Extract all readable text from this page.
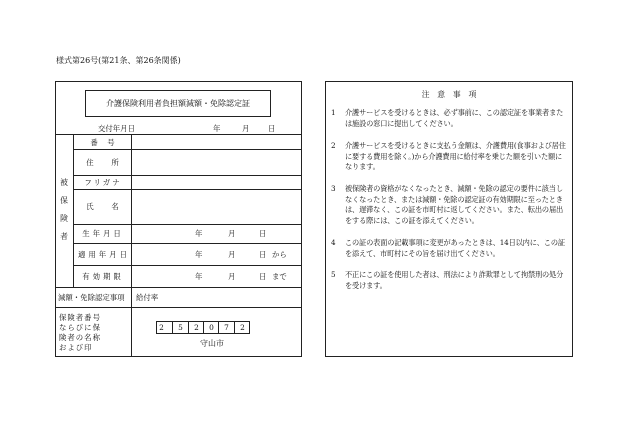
様式第26号(第21条、第26条関係)
介護保険利用者負担額減額・免除認定証
交付年月日	年	月	日
被
保
険
者
番　号
住　　所
フリガナ
氏　　名
生年月日	年	月	日
適用年月日	年	月	日 から
有効期限	年	月	日 まで
減額・免除認定事項 給付率
保険者番号
ならびに保
険者の名称
および印
2 5 2 0 7 2
守山市
注　意　事　項
1 介護サービスを受けるときは、必ず事前に、この認定証を事業者または施設の窓口に提出してください。
2 介護サービスを受けるときに支払う金額は、介護費用(食事および居住に要する費用を除く。)から介護費用に給付率を乗じた額を引いた額になります。
3 被保険者の資格がなくなったとき、減額・免除の認定の要件に該当しなくなったとき、または減額・免除の認定証の有効期限に至ったときは、遅滞なく、この証を市町村に返してください。また、転出の届出をする際には、この証を添えてください。
4 この証の表面の記載事項に変更があったときは、14日以内に、この証を添えて、市町村にその旨を届け出てください。
5 不正にこの証を使用した者は、刑法により詐欺罪として拘禁刑の処分を受けます。
